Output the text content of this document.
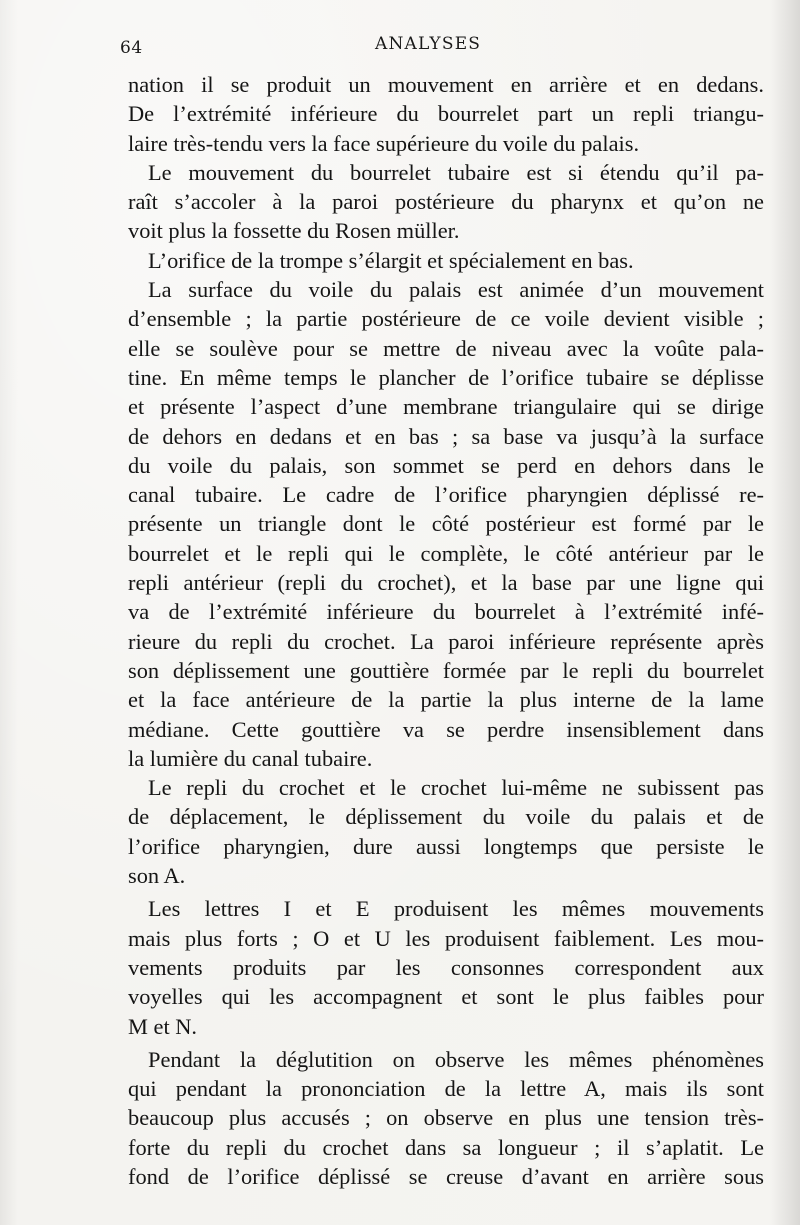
64	ANALYSES
nation il se produit un mouvement en arrière et en dedans.
De l’extrémité inférieure du bourrelet part un repli triangu-
laire très-tendu vers la face supérieure du voile du palais.
Le mouvement du bourrelet tubaire est si étendu qu’il pa-
raît s’accoler à la paroi postérieure du pharynx et qu’on ne
voit plus la fossette du Rosen müller.
L’orifice de la trompe s’élargit et spécialement en bas.
La surface du voile du palais est animée d’un mouvement
d’ensemble ; la partie postérieure de ce voile devient visible ;
elle se soulève pour se mettre de niveau avec la voûte pala-
tine. En même temps le plancher de l’orifice tubaire se déplisse
et présente l’aspect d’une membrane triangulaire qui se dirige
de dehors en dedans et en bas ; sa base va jusqu’à la surface
du voile du palais, son sommet se perd en dehors dans le
canal tubaire. Le cadre de l’orifice pharyngien déplissé re-
présente un triangle dont le côté postérieur est formé par le
bourrelet et le repli qui le complète, le côté antérieur par le
repli antérieur (repli du crochet), et la base par une ligne qui
va de l’extrémité inférieure du bourrelet à l’extrémité infé-
rieure du repli du crochet. La paroi inférieure représente après
son déplissement une gouttière formée par le repli du bourrelet
et la face antérieure de la partie la plus interne de la lame
médiane. Cette gouttière va se perdre insensiblement dans
la lumière du canal tubaire.
Le repli du crochet et le crochet lui-même ne subissent pas
de déplacement, le déplissement du voile du palais et de
l’orifice pharyngien, dure aussi longtemps que persiste le
son A.
Les lettres I et E produisent les mêmes mouvements
mais plus forts ; O et U les produisent faiblement. Les mou-
vements produits par les consonnes correspondent aux
voyelles qui les accompagnent et sont le plus faibles pour
M et N.
Pendant la déglutition on observe les mêmes phénomènes
qui pendant la prononciation de la lettre A, mais ils sont
beaucoup plus accusés ; on observe en plus une tension très-
forte du repli du crochet dans sa longueur ; il s’aplatit. Le
fond de l’orifice déplissé se creuse d’avant en arrière sous
